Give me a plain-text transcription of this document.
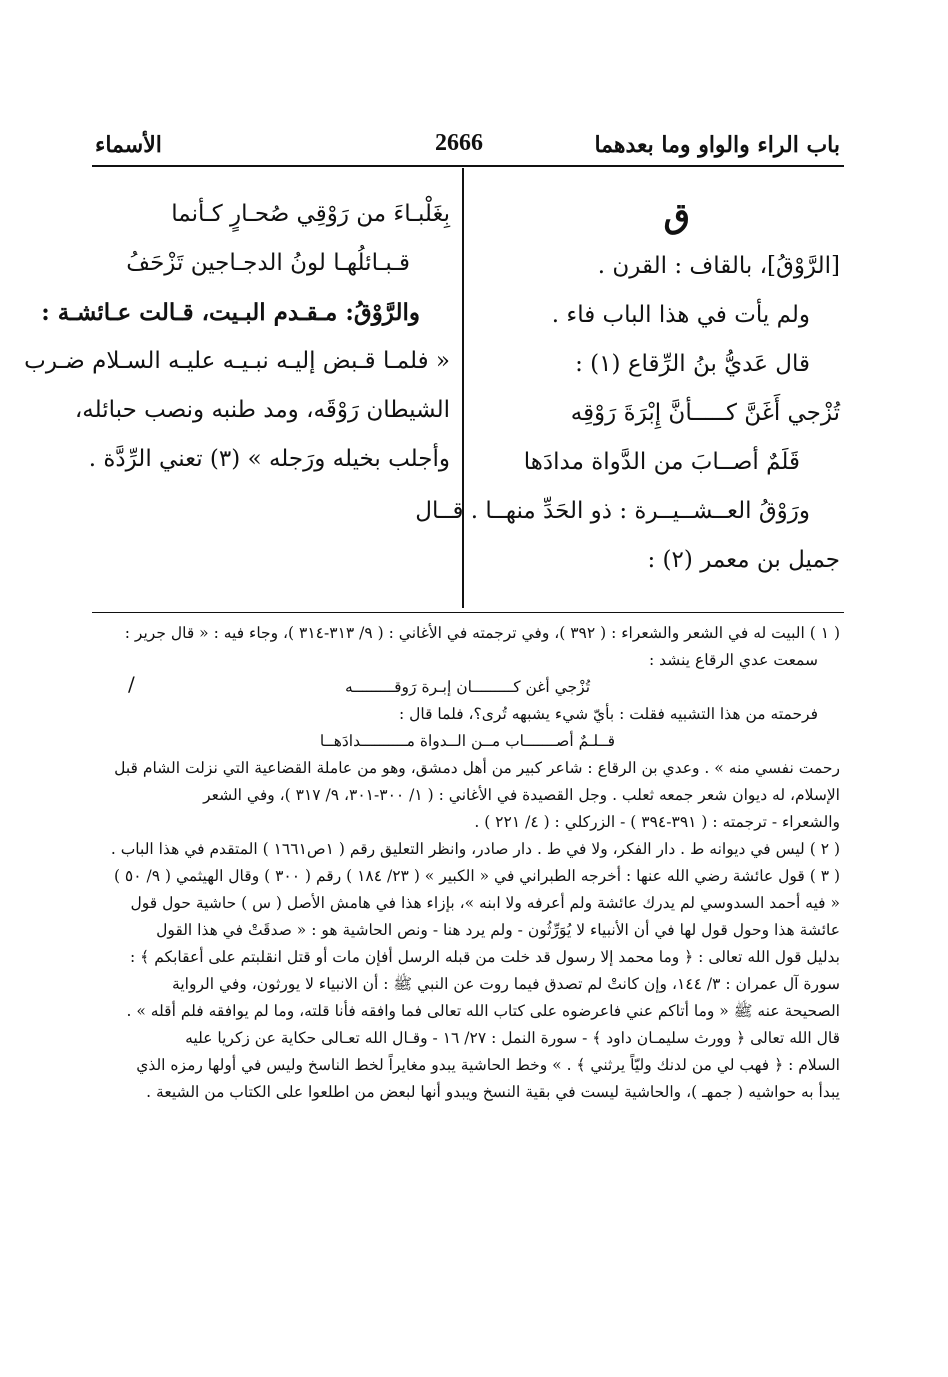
باب الراء والواو وما بعدهما
2666
الأسماء
ق
[الرَّوْقُ]، بالقاف : القرن .
ولم يأت في هذا الباب فاء .
قال عَديُّ بنُ الرِّقاع (١) :
تُزْجي أَغَنَّ كـــــأنَّ إِبْرَةَ رَوْقِه
قَلَمٌ أصــابَ من الدَّواة مدادَها
ورَوْقُ العــشــيــرة : ذو الحَدِّ منهــا . قــال
جميل بن معمر (٢) :
بِغَلْبـاءَ من رَوْقِي صُحـارٍ كـأنما
قـبـائلُهـا لونُ الدجـاجين تَزْحَفُ
والرَّوْقُ: مـقـدم البـيت، قـالت عـائشـة :
« فلمـا قـبض إليـه نبـيـه عليـه السـلام ضـرب
الشيطان رَوْقَه، ومد طنبه ونصب حبائله،
وأجلب بخيله ورَجله » (٣) تعني الرِّدَّة .
( ١ ) البيت له في الشعر والشعراء : ( ٣٩٢ )، وفي ترجمته في الأغاني : ( ٩/ ٣١٣-٣١٤ )، وجاء فيه : « قال جرير :
سمعت عدي الرقاع ينشد :
تُزْجي أغن كـــــــــان إبـرة رَوقـــــــــه
فرحمته من هذا التشبيه فقلت : بأيّ شيء يشبهه تُرى؟، فلما قال :
قــلـمٌ أصـــــــاب مــن الــدواة مــــــــــدادَهــا
رحمت نفسي منه » . وعدي بن الرقاع : شاعر كبير من أهل دمشق، وهو من عاملة القضاعية التي نزلت الشام قبل
الإسلام، له ديوان شعر جمعه ثعلب . وجل القصيدة في الأغاني : ( ١/ ٣٠٠-٣٠١، ٩/ ٣١٧ )، وفي الشعر
والشعراء - ترجمته : ( ٣٩١-٣٩٤ ) - الزركلي : ( ٤/ ٢٢١ ) .
( ٢ ) ليس في ديوانه ط . دار الفكر، ولا في ط . دار صادر، وانظر التعليق رقم ( ١ص١٦٦١ ) المتقدم في هذا الباب .
( ٣ ) قول عائشة رضي الله عنها : أخرجه الطبراني في « الكبير » ( ٢٣/ ١٨٤ ) رقم ( ٣٠٠ ) وقال الهيثمي ( ٩/ ٥٠ )
« فيه أحمد السدوسي لم يدرك عائشة ولم أعرفه ولا ابنه »، بإزاء هذا في هامش الأصل ( س ) حاشية حول قول
عائشة هذا وحول قول لها في أن الأنبياء لا يُوَرِّثُون - ولم يرد هنا - ونص الحاشية هو : « صدقَتْ في هذا القول
بدليل قول الله تعالى : ﴿ وما محمد إلا رسول قد خلت من قبله الرسل أفإن مات أو قتل انقلبتم على أعقابكم ﴾ :
سورة آل عمران : ٣/ ١٤٤، وإن كانتْ لم تصدق فيما روت عن النبي ﷺ : أن الانبياء لا يورثون، وفي الرواية
الصحيحة عنه ﷺ « وما أتاكم عني فاعرضوه على كتاب الله تعالى فما وافقه فأنا قلته، وما لم يوافقه فلم أقله » .
قال الله تعالى ﴿ وورث سليمـان داود ﴾ - سورة النمل : ٢٧/ ١٦ - وقـال الله تعـالى حكاية عن زكريا عليه
السلام : ﴿ فهب لي من لدنك وليّاً يرثني ﴾ . » وخط الحاشية يبدو مغايراً لخط الناسخ وليس في أولها رمزه الذي
يبدأ به حواشيه ( جمهـ )، والحاشية ليست في بقية النسخ ويبدو أنها لبعض من اطلعوا على الكتاب من الشيعة .
/
